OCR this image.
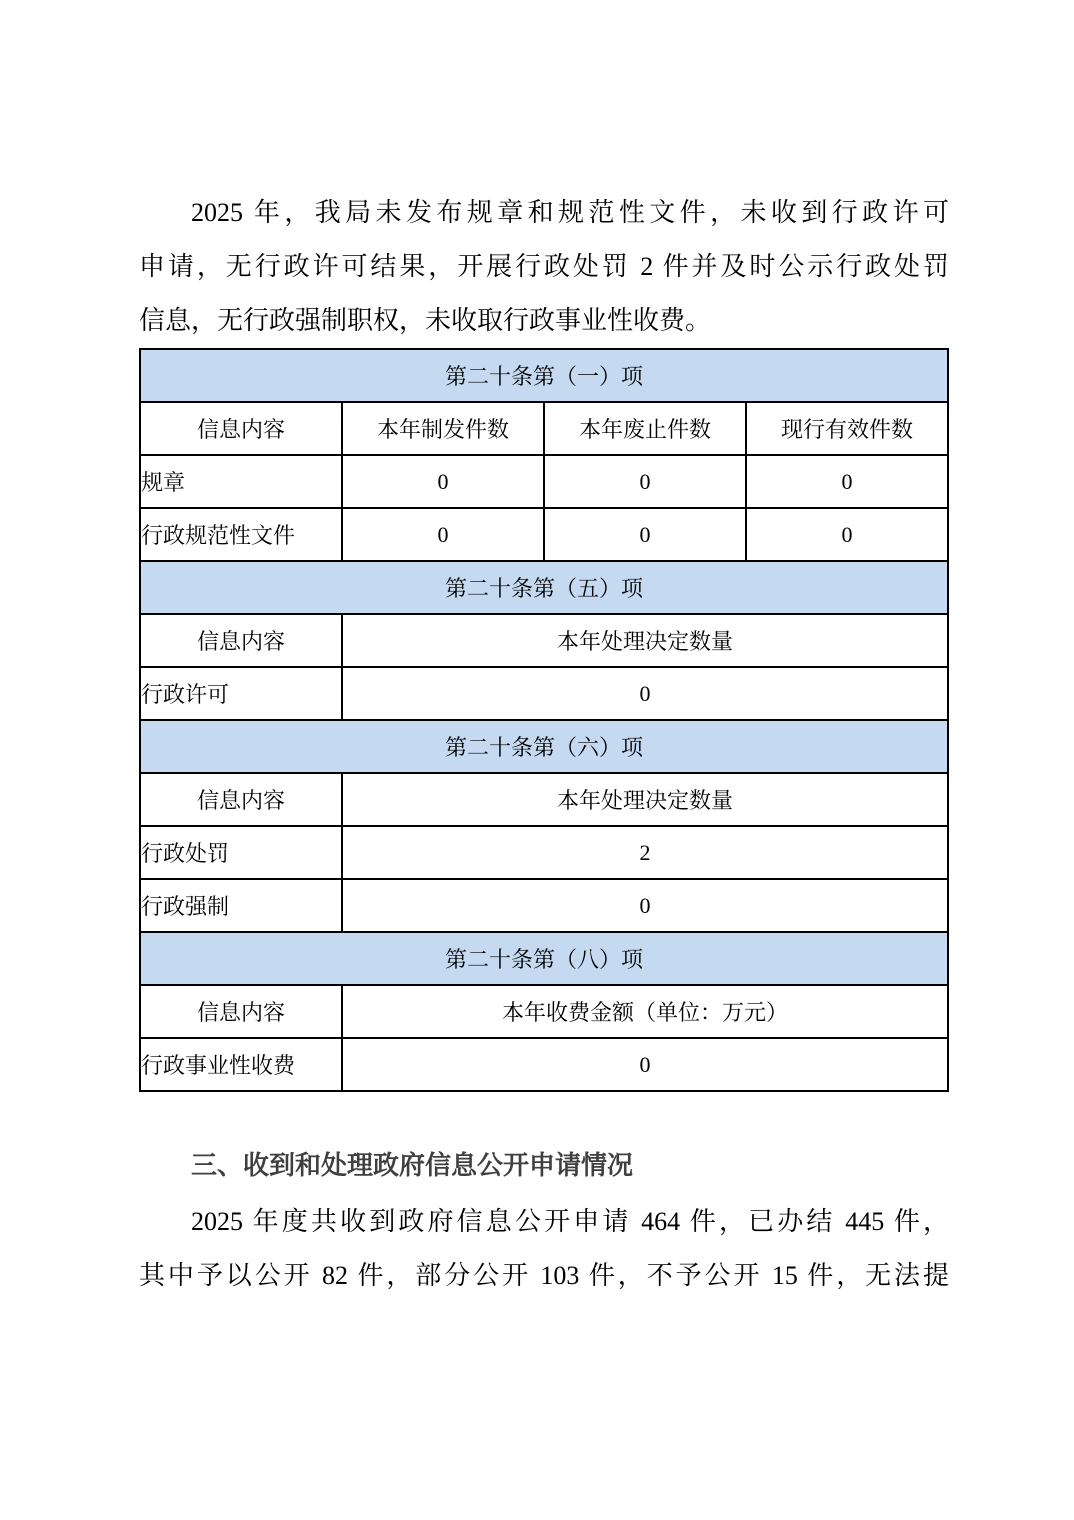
2025 年，我局未发布规章和规范性文件，未收到行政许可
申请，无行政许可结果，开展行政处罚 2 件并及时公示行政处罚
信息，无行政强制职权，未收取行政事业性收费。
第二十条第（一）项			
信息内容	本年制发件数	本年废止件数	现行有效件数
规章	0	0	0
行政规范性文件	0	0	0
第二十条第（五）项			
信息内容	本年处理决定数量		
行政许可	0		
第二十条第（六）项			
信息内容	本年处理决定数量		
行政处罚	2		
行政强制	0		
第二十条第（八）项			
信息内容	本年收费金额（单位：万元）		
行政事业性收费	0		
三、收到和处理政府信息公开申请情况
2025 年度共收到政府信息公开申请 464 件，已办结 445 件，
其中予以公开 82 件，部分公开 103 件，不予公开 15 件，无法提
